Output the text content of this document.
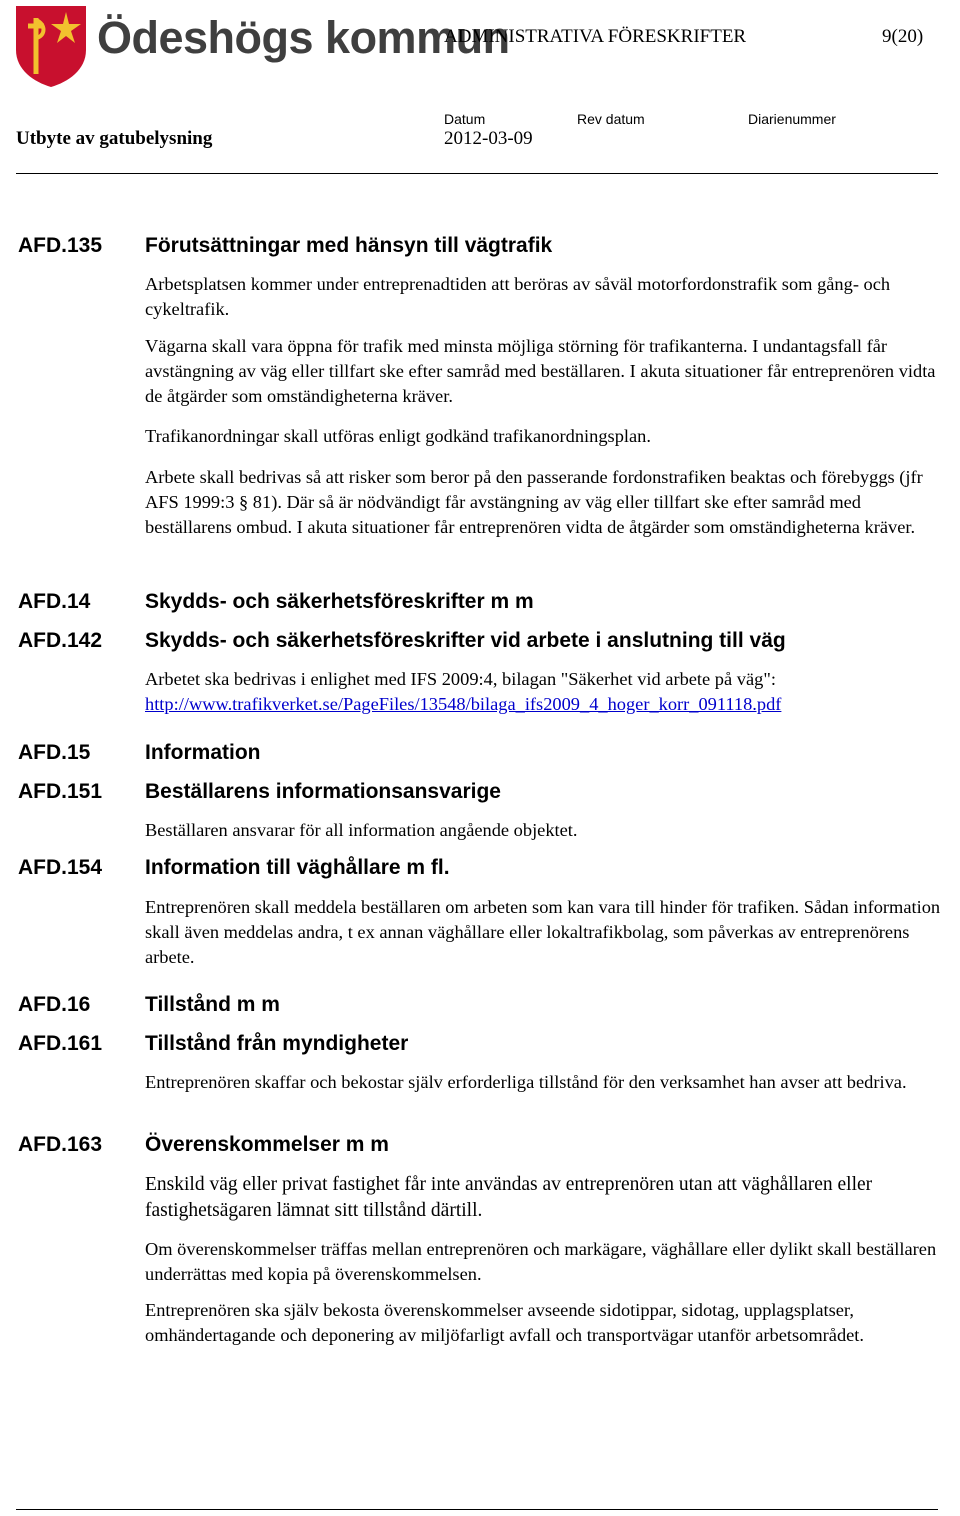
Ödeshögs kommun
ADMINISTRATIVA FÖRESKRIFTER	9(20)
Datum	Rev datum	Diarienummer
Utbyte av gatubelysning	2012-03-09
AFD.135 Förutsättningar med hänsyn till vägtrafik
Arbetsplatsen kommer under entreprenadtiden att beröras av såväl motorfordonstrafik som gång- och cykeltrafik.
Vägarna skall vara öppna för trafik med minsta möjliga störning för trafikanterna. I undantagsfall får avstängning av väg eller tillfart ske efter samråd med beställaren. I akuta situationer får entreprenören vidta de åtgärder som omständigheterna kräver.
Trafikanordningar skall utföras enligt godkänd trafikanordningsplan.
Arbete skall bedrivas så att risker som beror på den passerande fordonstrafiken beaktas och förebyggs (jfr AFS 1999:3 § 81). Där så är nödvändigt får avstängning av väg eller tillfart ske efter samråd med beställarens ombud. I akuta situationer får entreprenören vidta de åtgärder som omständigheterna kräver.
AFD.14	Skydds- och säkerhetsföreskrifter m m
AFD.142 Skydds- och säkerhetsföreskrifter vid arbete i anslutning till väg

Arbetet ska bedrivas i enlighet med IFS 2009:4, bilagan "Säkerhet vid arbete på väg":

http://www.trafikverket.se/PageFiles/13548/bilaga_ifs2009_4_hoger_korr_091118.pdf

AFD.15	Information
AFD.151 Beställarens informationsansvarige
Beställaren ansvarar för all information angående objektet.
AFD.154 Information till väghållare m fl.
Entreprenören skall meddela beställaren om arbeten som kan vara till hinder för trafiken. Sådan information skall även meddelas andra, t ex annan väghållare eller lokaltrafikbolag, som påverkas av entreprenörens arbete.
AFD.16	Tillstånd m m
AFD.161 Tillstånd från myndigheter
Entreprenören skaffar och bekostar själv erforderliga tillstånd för den verksamhet han avser att bedriva.
AFD.163 Överenskommelser m m
Enskild väg eller privat fastighet får inte användas av entreprenören utan att väghållaren eller fastighetsägaren lämnat sitt tillstånd därtill.
Om överenskommelser träffas mellan entreprenören och markägare, väghållare eller dylikt skall beställaren underrättas med kopia på överenskommelsen.
Entreprenören ska själv bekosta överenskommelser avseende sidotippar, sidotag, upplagsplatser, omhändertagande och deponering av miljöfarligt avfall och transportvägar utanför arbetsområdet.
